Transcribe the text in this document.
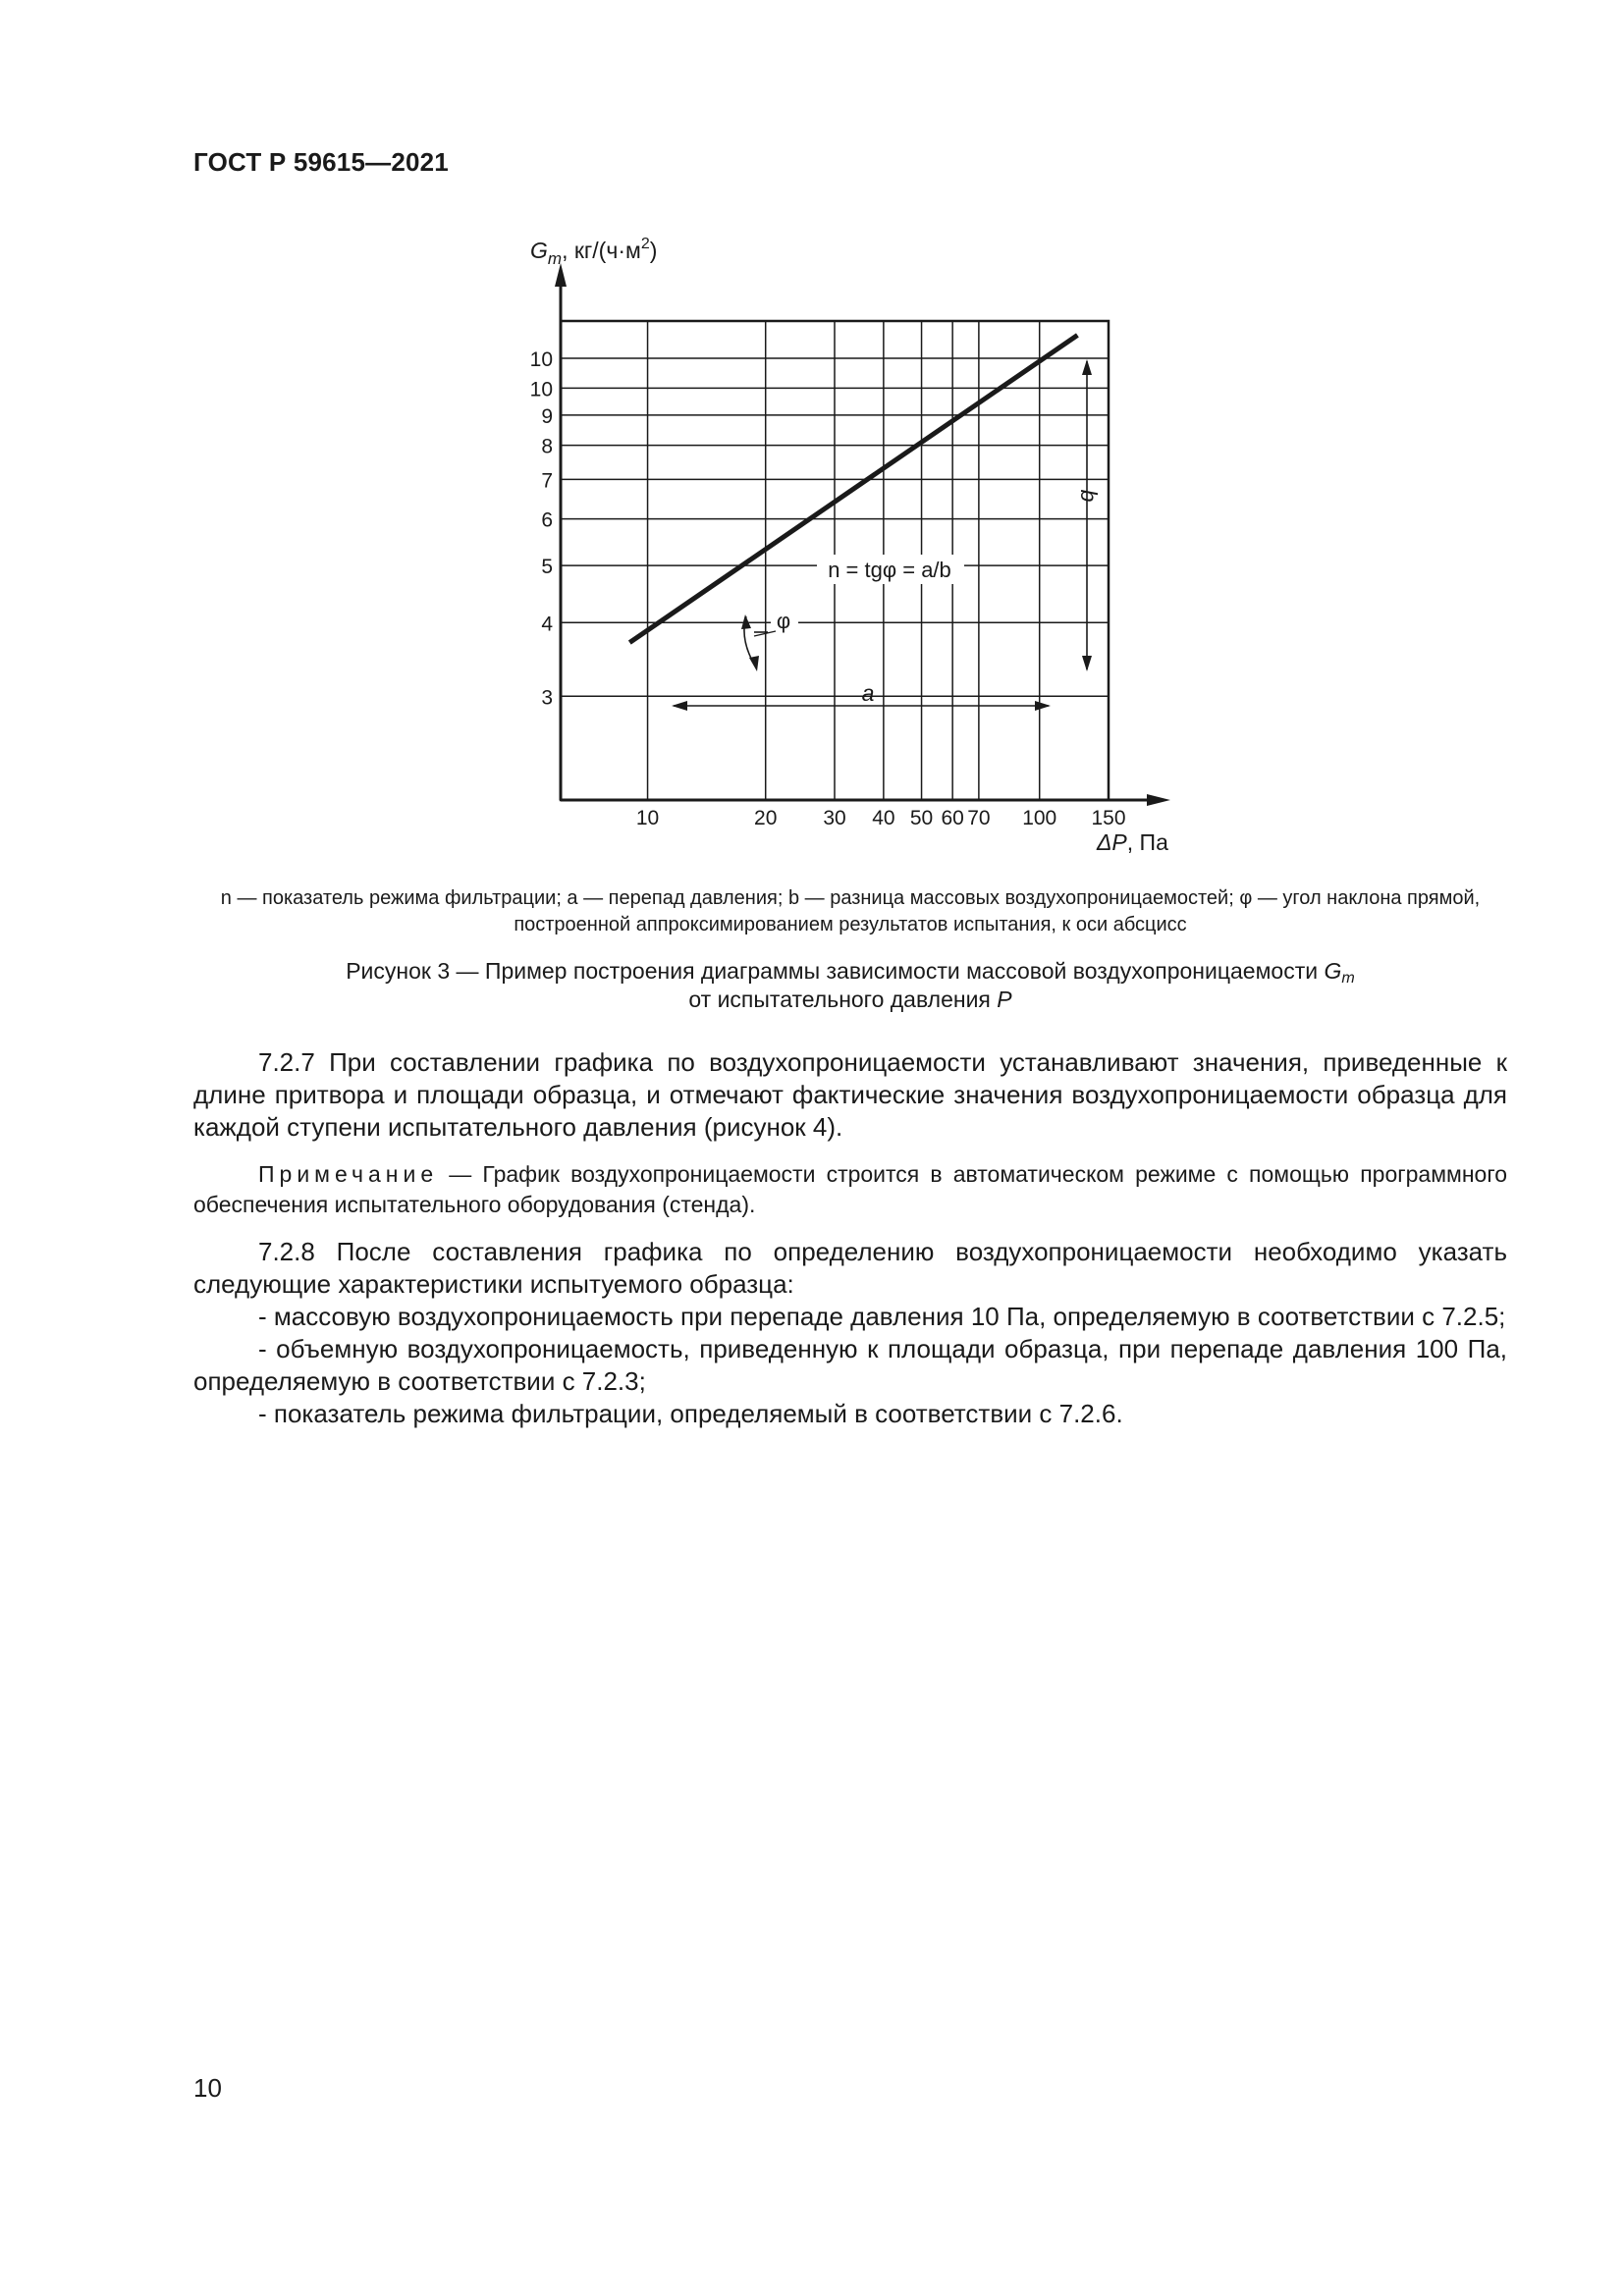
ГОСТ Р 59615—2021
10	20 30 40 50 60 70 100 150
3
4
5
6
7
8
9
10
10
a
b
n = tgφ = a/b
φ
$G_m$, $кг/(ч\cdot м^2)$
ΔP, Па
n — показатель режима фильтрации; a — перепад давления; b — разница массовых воздухопроницаемостей; φ — угол наклона прямой, построенной аппроксимированием результатов испытания, к оси абсцисс
Рисунок 3 — Пример построения диаграммы зависимости массовой воздухопроницаемости $G_m$
от испытательного давления P

7.2.7 При составлении графика по воздухопроницаемости устанавливают значения, приведенные к длине притвора и площади образца, и отмечают фактические значения воздухопроницаемости образца для каждой ступени испытательного давления (рисунок 4).

Примечание — График воздухопроницаемости строится в автоматическом режиме с помощью программного обеспечения испытательного оборудования (стенда).

7.2.8 После составления графика по определению воздухопроницаемости необходимо указать следующие характеристики испытуемого образца:

- массовую воздухопроницаемость при перепаде давления 10 Па, определяемую в соответствии с 7.2.5;

- объемную воздухопроницаемость, приведенную к площади образца, при перепаде давления 100 Па, определяемую в соответствии с 7.2.3;

- показатель режима фильтрации, определяемый в соответствии с 7.2.6.

10
